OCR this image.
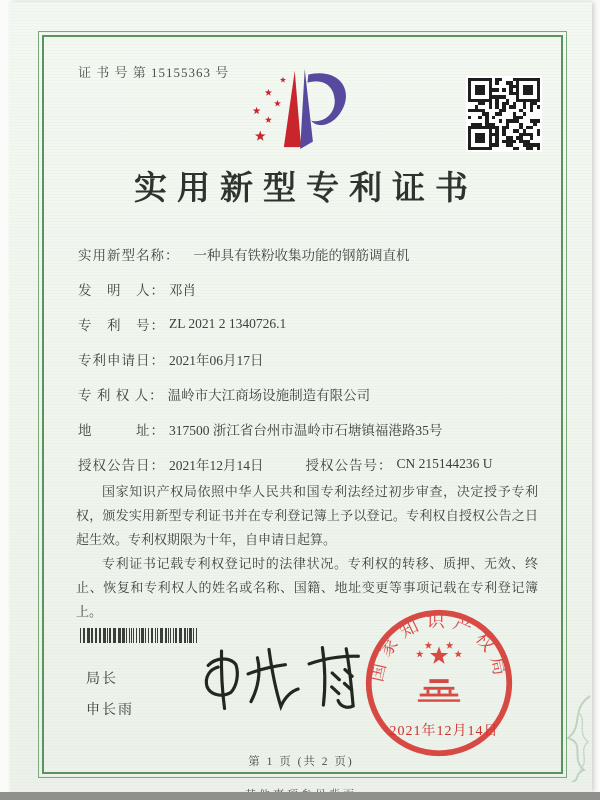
证 书 号 第 15155363 号
实用新型专利证书
实用新型名称： 一种具有铁粉收集功能的钢筋调直机
发　明　人： 邓肖
专　利　号： ZL 2021 2 1340726.1
专利申请日： 2021年06月17日
专 利 权 人： 温岭市大江商场设施制造有限公司
地　　　址： 317500 浙江省台州市温岭市石塘镇福港路35号
授权公告日： 2021年12月14日	授权公告号： CN 215144236 U

国家知识产权局依照中华人民共和国专利法经过初步审查，决定授予专利权，颁发实用新型专利证书并在专利登记簿上予以登记。专利权自授权公告之日起生效。专利权期限为十年，自申请日起算。

专利证书记载专利权登记时的法律状况。专利权的转移、质押、无效、终止、恢复和专利权人的姓名或名称、国籍、地址变更等事项记载在专利登记簿上。

局长
申长雨
国家知识产权局
2021年12月14日
第 1 页 (共 2 页)
